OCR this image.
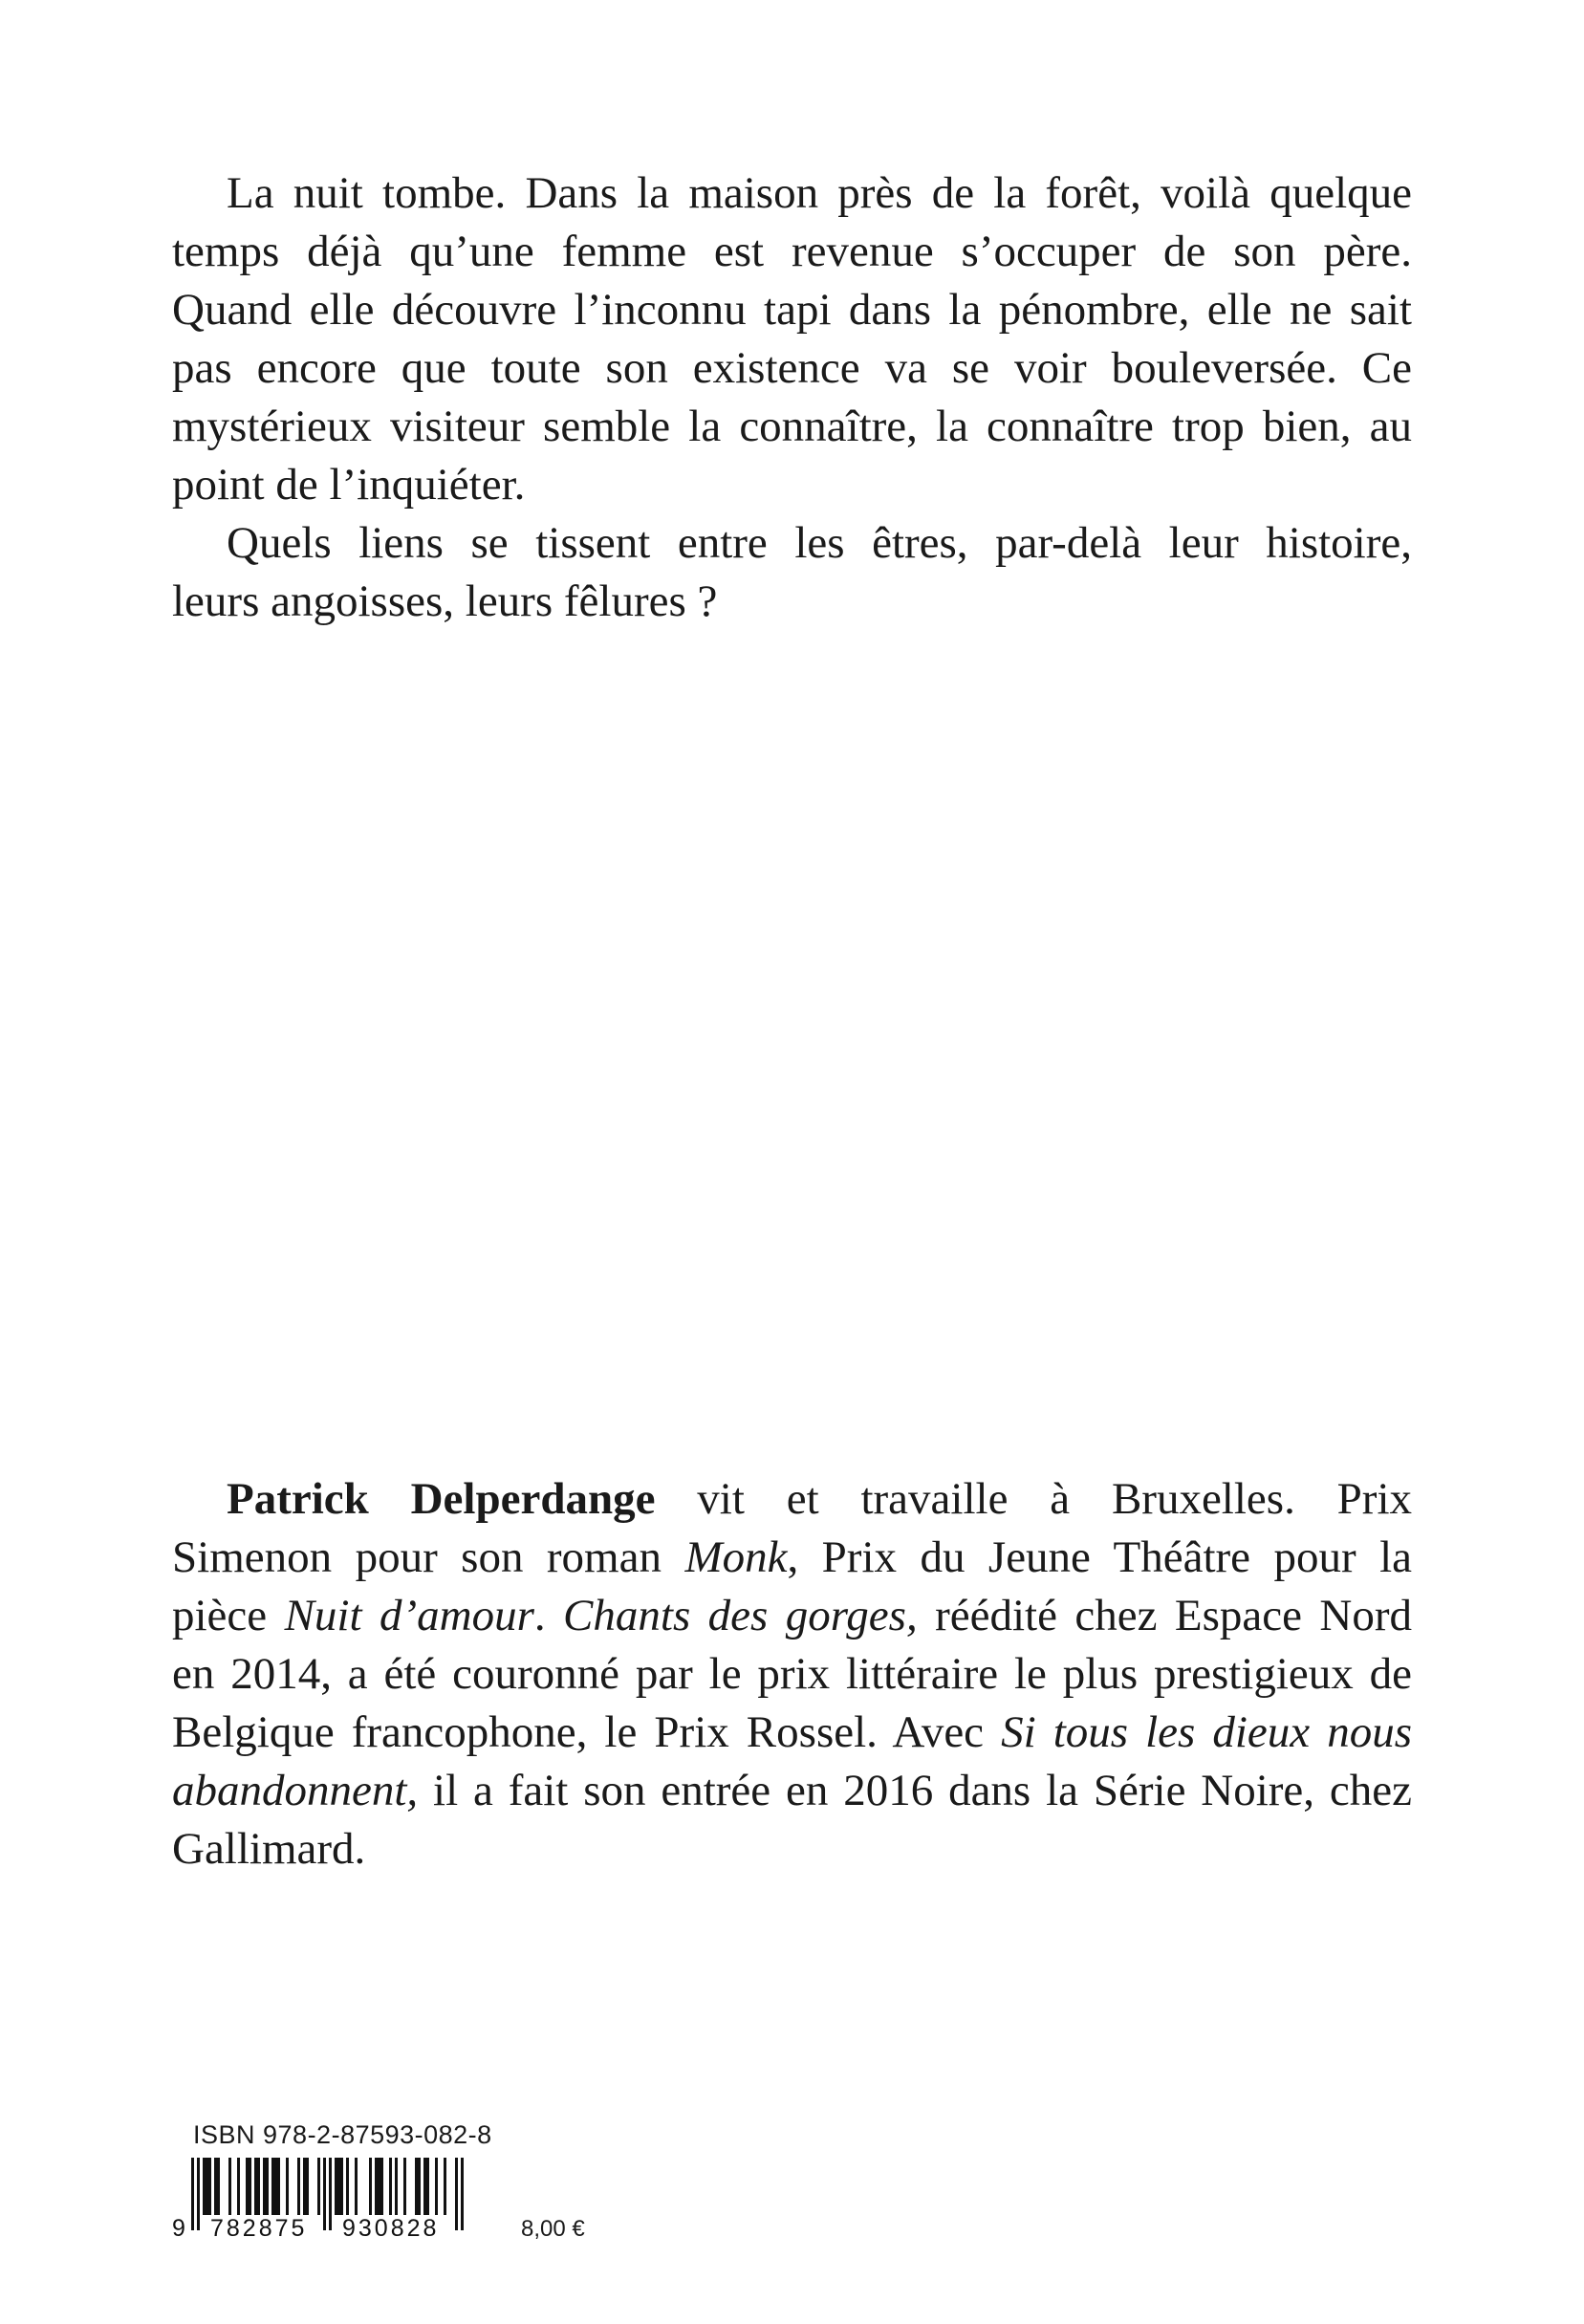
La nuit tombe. Dans la maison près de la forêt, voilà quelque
temps déjà qu’une femme est revenue s’occuper de son père.
Quand elle découvre l’inconnu tapi dans la pénombre, elle ne sait
pas encore que toute son existence va se voir bouleversée. Ce
mystérieux visiteur semble la connaître, la connaître trop bien, au
point de l’inquiéter.
Quels liens se tissent entre les êtres, par-delà leur histoire,
leurs angoisses, leurs fêlures ?
Patrick Delperdange vit et travaille à Bruxelles. Prix
Simenon pour son roman Monk, Prix du Jeune Théâtre pour la
pièce Nuit d’amour. Chants des gorges, réédité chez Espace Nord
en 2014, a été couronné par le prix littéraire le plus prestigieux de
Belgique francophone, le Prix Rossel. Avec Si tous les dieux nous
abandonnent, il a fait son entrée en 2016 dans la Série Noire, chez
Gallimard.
ISBN 978-2-87593-082-8
9 782875 930828	8,00 €
